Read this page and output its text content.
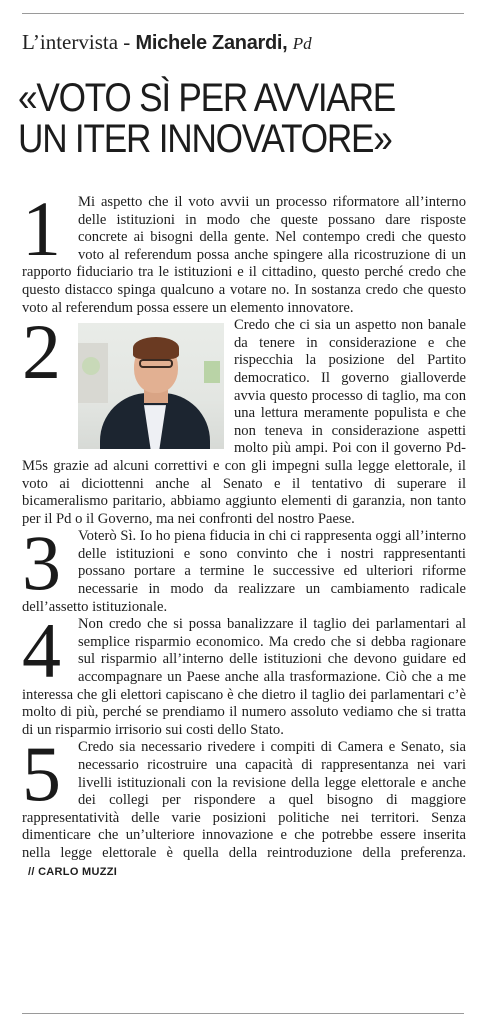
L’intervista - Michele Zanardi, Pd
«VOTO SÌ PER AVVIARE
UN ITER INNOVATORE»

1	Mi aspetto che il voto avvii un processo riformatore all’interno delle istituzioni in modo che queste possano dare risposte concrete ai bisogni della gente. Nel contempo credi che questo voto al referendum possa anche spingere alla ricostruzione di un rapporto fiduciario tra le istituzioni e il cittadino, questo perché credo che questo distacco spinga qualcuno a votare no. In sostanza credo che questo voto al referendum possa essere un elemento innovatore.

2	Credo che ci sia un aspetto non banale da tenere in considerazione e che rispecchia la posizione del Partito democratico. Il governo gialloverde avvia questo processo di taglio, ma con una lettura meramente populista e che non teneva in considerazione aspetti molto più ampi. Poi con il governo Pd-M5s grazie ad alcuni correttivi e con gli impegni sulla legge elettorale, il voto ai diciottenni anche al Senato e il tentativo di superare il bicameralismo paritario, abbiamo aggiunto elementi di garanzia, non tanto per il Pd o il Governo, ma nei confronti del nostro Paese.

3	Voterò Sì. Io ho piena fiducia in chi ci rappresenta oggi all’interno delle istituzioni e sono convinto che i nostri rappresentanti possano portare a termine le successive ed ulteriori riforme necessarie in modo da realizzare un cambiamento radicale dell’assetto istituzionale.

4	Non credo che si possa banalizzare il taglio dei parlamentari al semplice risparmio economico. Ma credo che si debba ragionare sul risparmio all’interno delle istituzioni che devono guidare ed accompagnare un Paese anche alla trasformazione. Ciò che a me interessa che gli elettori capiscano è che dietro il taglio dei parlamentari c’è molto di più, perché se prendiamo il numero assoluto vediamo che si tratta di un risparmio irrisorio sui costi dello Stato.

5	Credo sia necessario rivedere i compiti di Camera e Senato, sia necessario ricostruire una capacità di rappresentanza nei vari livelli istituzionali con la revisione della legge elettorale e anche dei collegi per rispondere a quel bisogno di maggiore rappresentatività delle varie posizioni politiche nei territori. Senza dimenticare che un’ulteriore innovazione e che potrebbe essere inserita nella legge elettorale è quella della reintroduzione della preferenza. // CARLO MUZZI
